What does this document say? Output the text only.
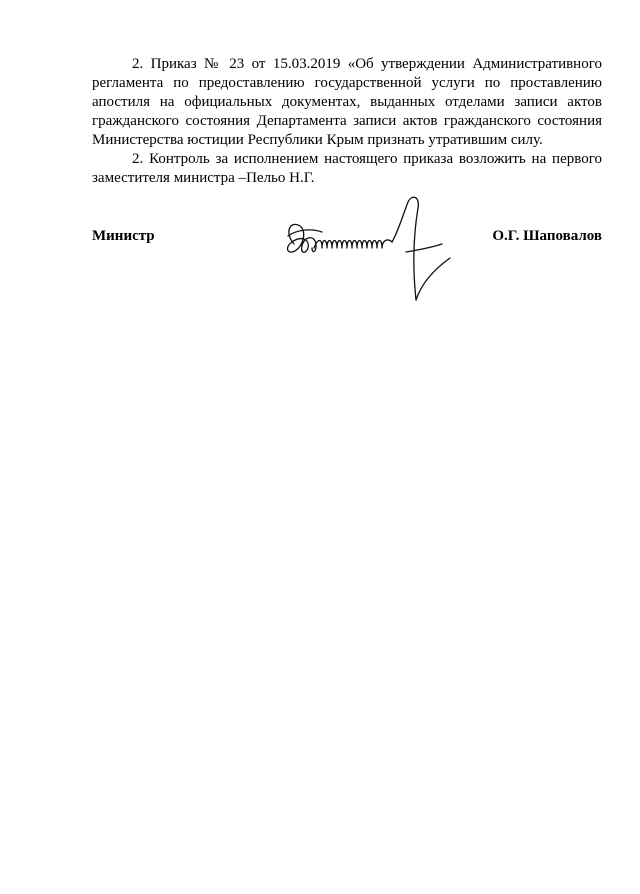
2. Приказ № 23 от 15.03.2019 «Об утверждении Административного регламента по предоставлению государственной услуги по проставлению апостиля на официальных документах, выданных отделами записи актов гражданского состояния Департамента записи актов гражданского состояния Министерства юстиции Республики Крым признать утратившим силу.

2. Контроль за исполнением настоящего приказа возложить на первого заместителя министра –Пельо Н.Г.

Министр	О.Г. Шаповалов
